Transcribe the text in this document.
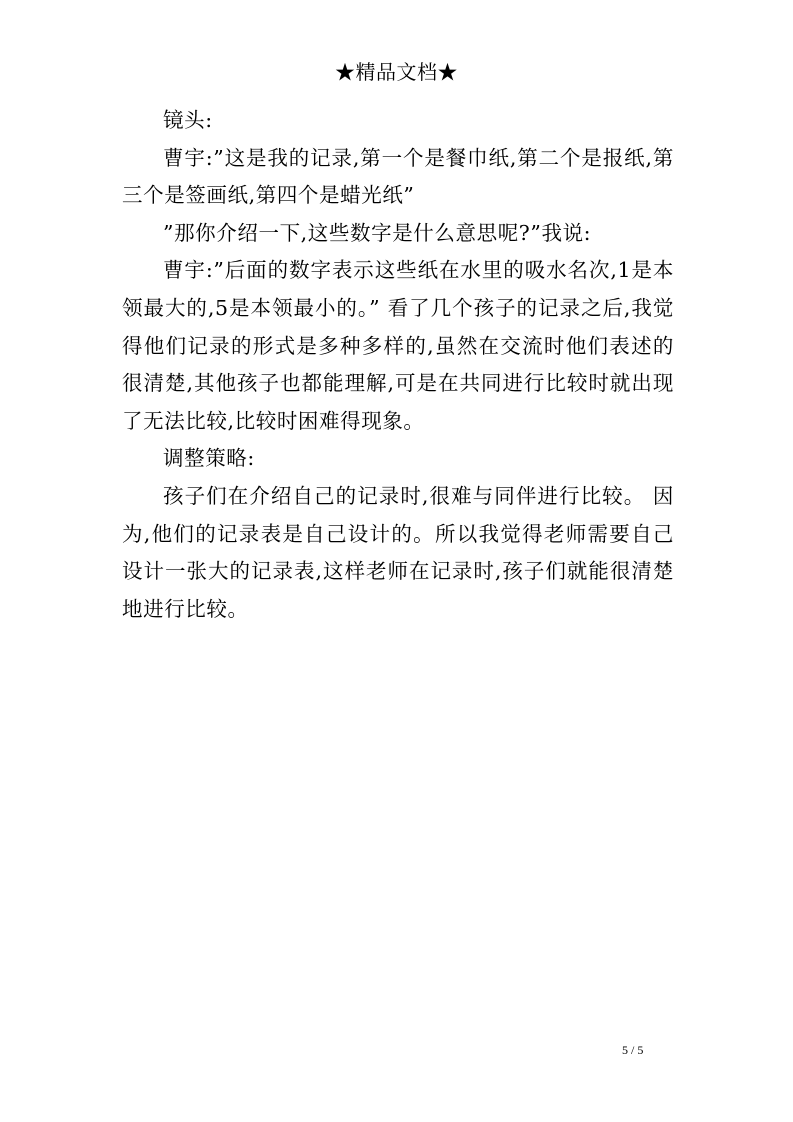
★精品文档★

镜头:

曹宇:”这是我的记录,第一个是餐巾纸,第二个是报纸,第三个是签画纸,第四个是蜡光纸”

”那你介绍一下,这些数字是什么意思呢?”我说:

曹宇:”后面的数字表示这些纸在水里的吸水名次,1是本领最大的,5是本领最小的。” 看了几个孩子的记录之后,我觉得他们记录的形式是多种多样的,虽然在交流时他们表述的很清楚,其他孩子也都能理解,可是在共同进行比较时就出现了无法比较,比较时困难得现象。

调整策略:

孩子们在介绍自己的记录时,很难与同伴进行比较。 因为,他们的记录表是自己设计的。所以我觉得老师需要自己设计一张大的记录表,这样老师在记录时,孩子们就能很清楚地进行比较。

5 / 5
